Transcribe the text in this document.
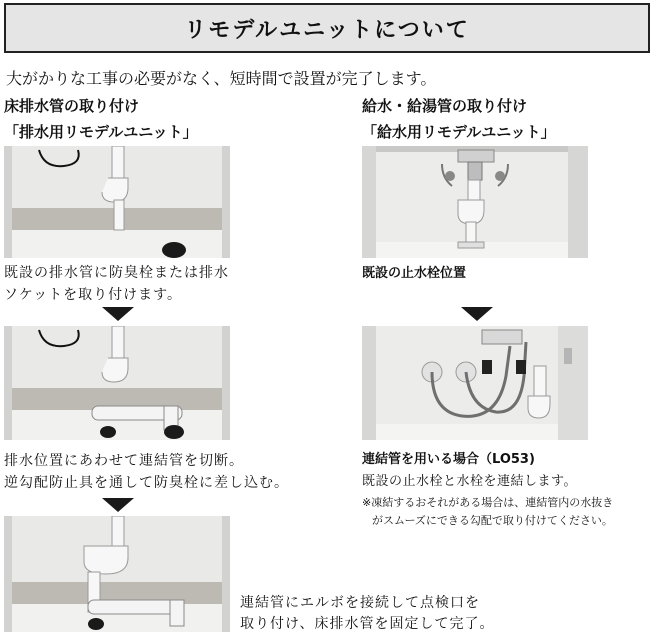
リモデルユニットについて
大がかりな工事の必要がなく、短時間で設置が完了します。
床排水管の取り付け
「排水用リモデルユニット」
既設の排水管に防臭栓または排水
ソケットを取り付けます。
排水位置にあわせて連結管を切断。
逆勾配防止具を通して防臭栓に差し込む。
連結管にエルボを接続して点検口を
取り付け、床排水管を固定して完了。
給水・給湯管の取り付け
「給水用リモデルユニット」
既設の止水栓位置
連結管を用いる場合（LO53)
既設の止水栓と水栓を連結します。
※凍結するおそれがある場合は、連結管内の水抜き
がスムーズにできる勾配で取り付けてください。
